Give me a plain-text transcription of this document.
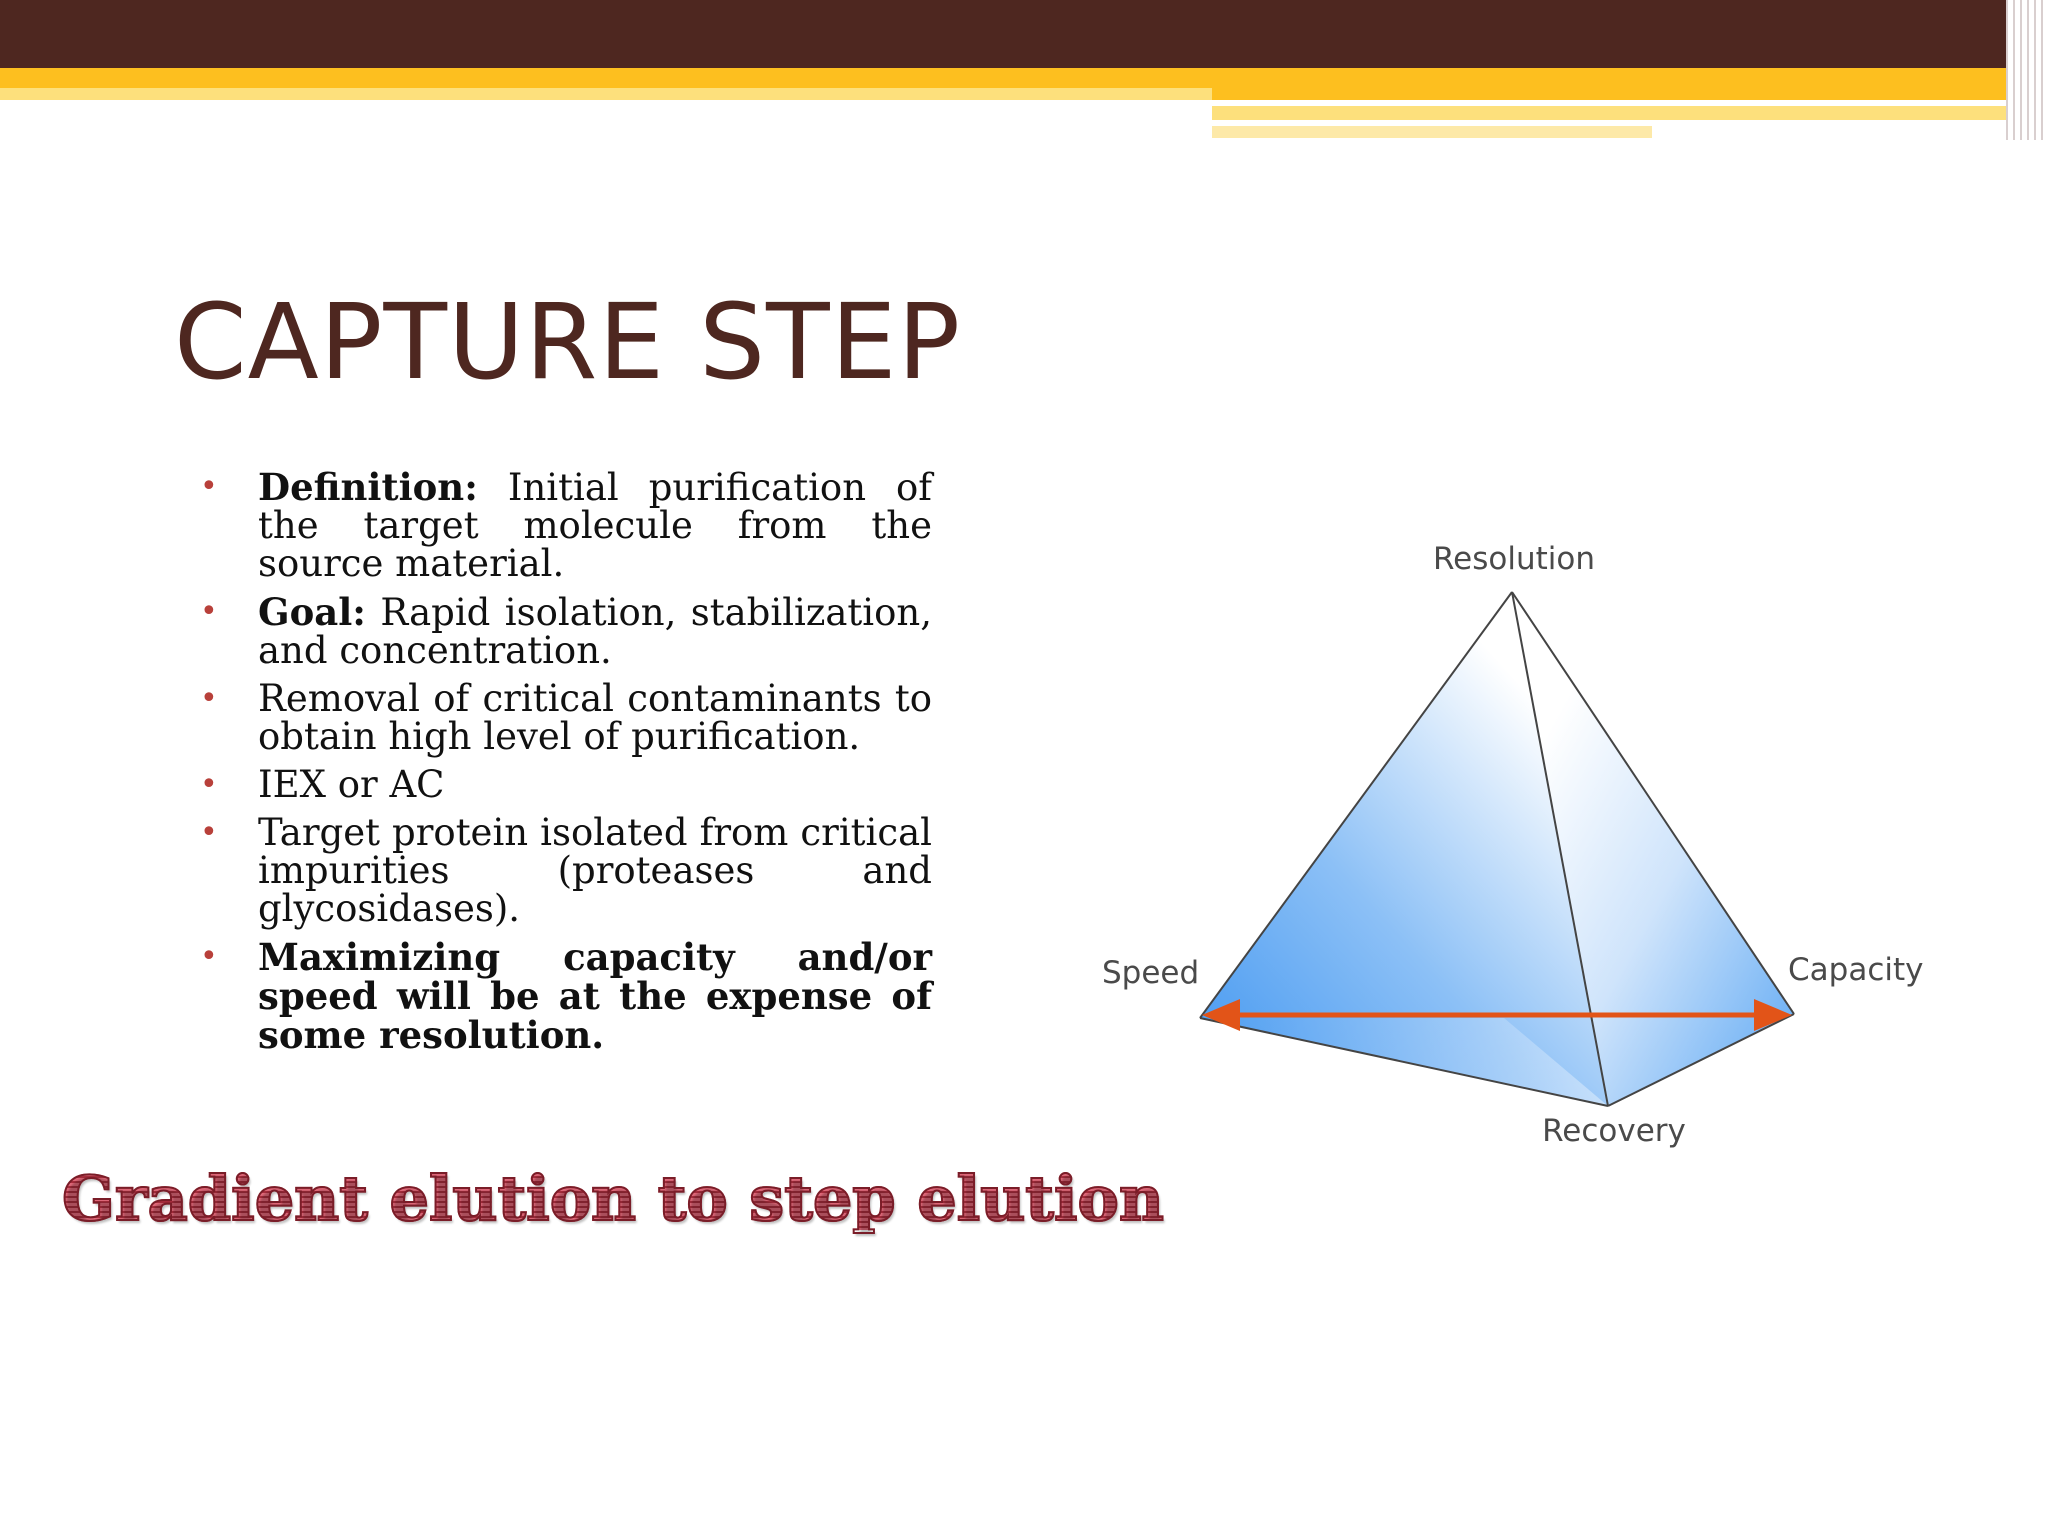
CAPTURE STEP
• Definition: Initial purification of the target molecule from the source material.
• Goal: Rapid isolation, stabilization, and concentration.
• Removal of critical contaminants to obtain high level of purification.
• IEX or AC
• Target protein isolated from critical impurities (proteases and glycosidases).
• Maximizing capacity and/or speed will be at the expense of some resolution.
Resolution
Speed	Capacity
Recovery

Gradient elution to step elution
